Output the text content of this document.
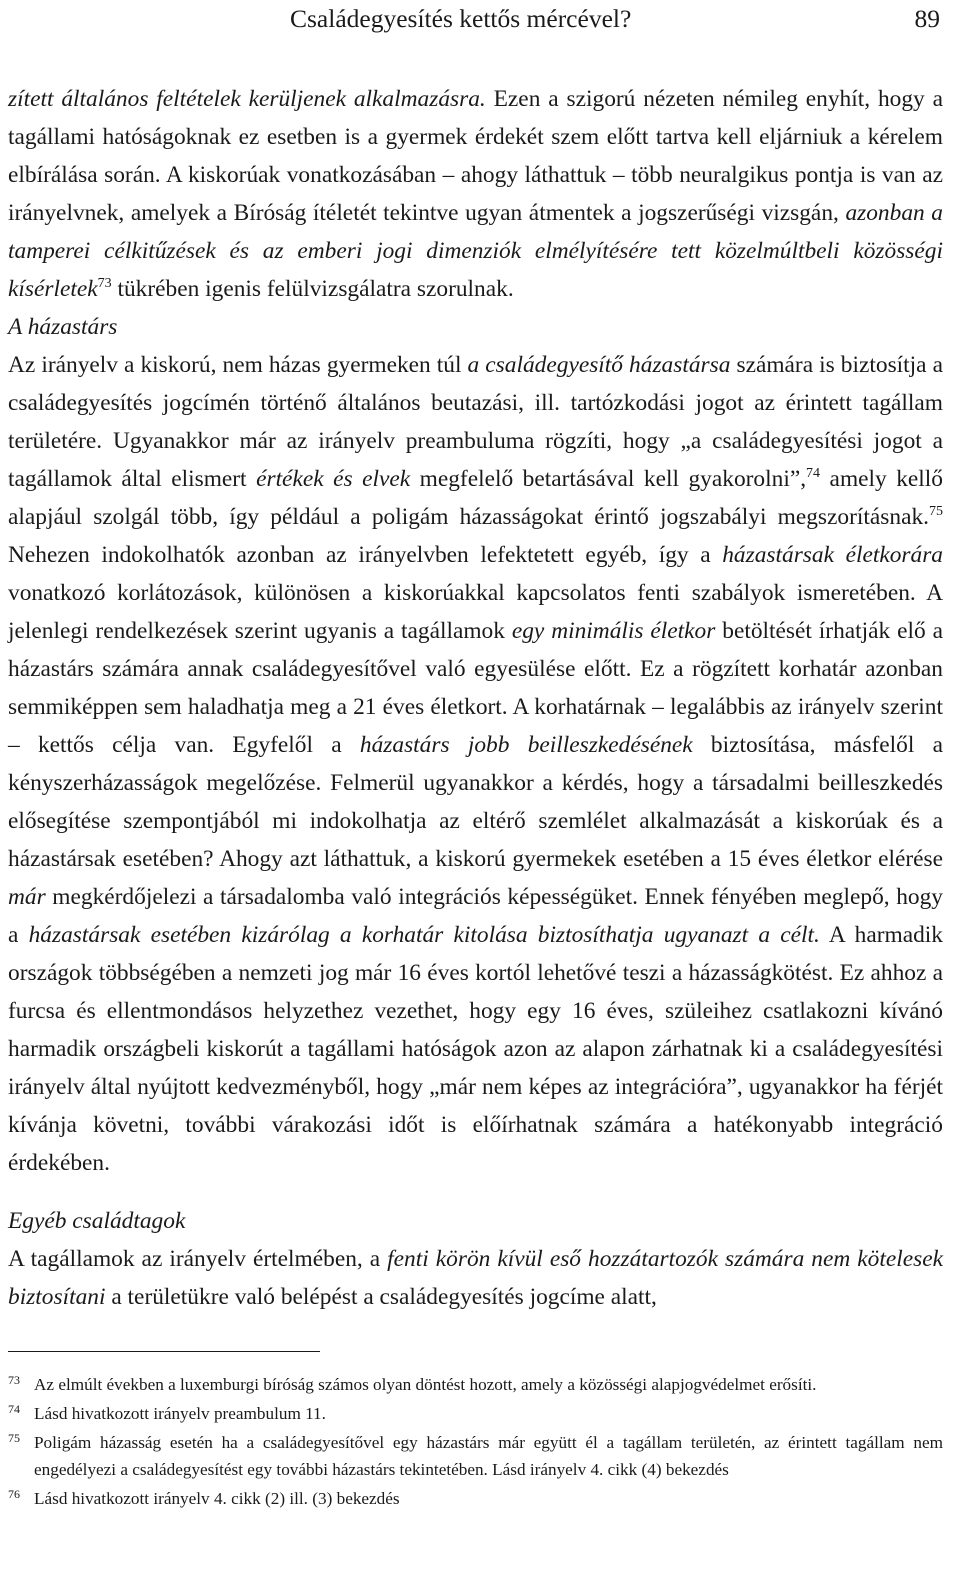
Családegyesítés kettős mércével?	89

zített általános feltételek kerüljenek alkalmazásra. Ezen a szigorú nézeten némileg enyhít, hogy a tagállami hatóságoknak ez esetben is a gyermek érdekét szem előtt tartva kell eljárniuk a kérelem elbírálása során. A kiskorúak vonatkozásában – ahogy láthattuk – több neuralgikus pontja is van az irányelvnek, amelyek a Bíróság ítéletét tekintve ugyan átmentek a jogszerűségi vizsgán, azonban a tamperei célkitűzések és az emberi jogi dimenziók elmélyítésére tett közelmúltbeli közösségi kísérletek$^{73}$ tükrében igenis felülvizsgálatra szorulnak.

A házastárs

Az irányelv a kiskorú, nem házas gyermeken túl a családegyesítő házastársa számára is biztosítja a családegyesítés jogcímén történő általános beutazási, ill. tartózkodási jogot az érintett tagállam területére. Ugyanakkor már az irányelv preambuluma rögzíti, hogy „a családegyesítési jogot a tagállamok által elismert értékek és elvek megfelelő betartásával kell gyakorolni”,$^{74}$ amely kellő alapjául szolgál több, így például a poligám házasságokat érintő jogszabályi megszorításnak.$^{75}$ Nehezen indokolhatók azonban az irányelvben lefektetett egyéb, így a házastársak életkorára vonatkozó korlátozások, különösen a kiskorúakkal kapcsolatos fenti szabályok ismeretében. A jelenlegi rendelkezések szerint ugyanis a tagállamok egy minimális életkor betöltését írhatják elő a házastárs számára annak családegyesítővel való egyesülése előtt. Ez a rögzített korhatár azonban semmiképpen sem haladhatja meg a 21 éves életkort. A korhatárnak – legalábbis az irányelv szerint – kettős célja van. Egyfelől a házastárs jobb beilleszkedésének biztosítása, másfelől a kényszerházasságok megelőzése. Felmerül ugyanakkor a kérdés, hogy a társadalmi beilleszkedés elősegítése szempontjából mi indokolhatja az eltérő szemlélet alkalmazását a kiskorúak és a házastársak esetében? Ahogy azt láthattuk, a kiskorú gyermekek esetében a 15 éves életkor elérése már megkérdőjelezi a társadalomba való integrációs képességüket. Ennek fényében meglepő, hogy a házastársak esetében kizárólag a korhatár kitolása biztosíthatja ugyanazt a célt. A harmadik országok többségében a nemzeti jog már 16 éves kortól lehetővé teszi a házasságkötést. Ez ahhoz a furcsa és ellentmondásos helyzethez vezethet, hogy egy 16 éves, szüleihez csatlakozni kívánó harmadik országbeli kiskorút a tagállami hatóságok azon az alapon zárhatnak ki a családegyesítési irányelv által nyújtott kedvezményből, hogy „már nem képes az integrációra”, ugyanakkor ha férjét kívánja követni, további várakozási időt is előírhatnak számára a hatékonyabb integráció érdekében.

Egyéb családtagok

A tagállamok az irányelv értelmében, a fenti körön kívül eső hozzátartozók számára nem kötelesek biztosítani a területükre való belépést a családegyesítés jogcíme alatt,

73 Az elmúlt években a luxemburgi bíróság számos olyan döntést hozott, amely a közösségi alapjogvédelmet erősíti.

74 Lásd hivatkozott irányelv preambulum 11.

75 Poligám házasság esetén ha a családegyesítővel egy házastárs már együtt él a tagállam területén, az érintett tagállam nem engedélyezi a családegyesítést egy további házastárs tekintetében. Lásd irányelv 4. cikk (4) bekezdés

76 Lásd hivatkozott irányelv 4. cikk (2) ill. (3) bekezdés
